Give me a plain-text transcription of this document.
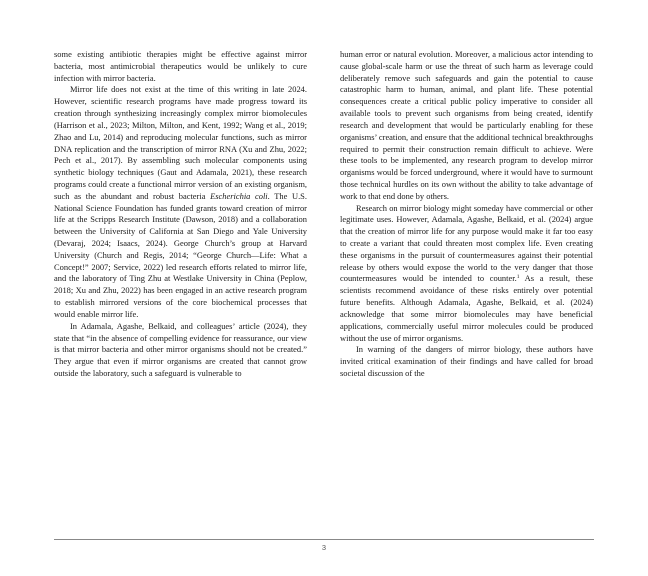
some existing antibiotic therapies might be effective against mirror bacteria, most antimicrobial therapeutics would be unlikely to cure infection with mirror bacteria.

Mirror life does not exist at the time of this writing in late 2024. However, scientific research programs have made progress toward its creation through synthesizing increasingly complex mirror biomolecules (Harrison et al., 2023; Milton, Milton, and Kent, 1992; Wang et al., 2019; Zhao and Lu, 2014) and reproducing molecular functions, such as mirror DNA replication and the transcription of mirror RNA (Xu and Zhu, 2022; Pech et al., 2017). By assembling such molecular components using synthetic biology techniques (Gaut and Adamala, 2021), these research programs could create a functional mirror version of an existing organism, such as the abundant and robust bacteria Escherichia coli. The U.S. National Science Foundation has funded grants toward creation of mirror life at the Scripps Research Institute (Dawson, 2018) and a collaboration between the University of California at San Diego and Yale University (Devaraj, 2024; Isaacs, 2024). George Church’s group at Harvard University (Church and Regis, 2014; “George Church—Life: What a Concept!” 2007; Service, 2022) led research efforts related to mirror life, and the laboratory of Ting Zhu at Westlake University in China (Peplow, 2018; Xu and Zhu, 2022) has been engaged in an active research program to establish mirrored versions of the core biochemical processes that would enable mirror life.

In Adamala, Agashe, Belkaid, and colleagues’ article (2024), they state that “in the absence of compelling evidence for reassurance, our view is that mirror bacteria and other mirror organisms should not be created.” They argue that even if mirror organisms are created that cannot grow outside the laboratory, such a safeguard is vulnerable to

human error or natural evolution. Moreover, a malicious actor intending to cause global-scale harm or use the threat of such harm as leverage could deliberately remove such safeguards and gain the potential to cause catastrophic harm to human, animal, and plant life. These potential consequences create a critical public policy imperative to consider all available tools to prevent such organisms from being created, identify research and development that would be particularly enabling for these organisms’ creation, and ensure that the additional technical breakthroughs required to permit their construction remain difficult to achieve. Were these tools to be implemented, any research program to develop mirror organisms would be forced underground, where it would have to surmount those technical hurdles on its own without the ability to take advantage of work to that end done by others.

Research on mirror biology might someday have commercial or other legitimate uses. However, Adamala, Agashe, Belkaid, et al. (2024) argue that the creation of mirror life for any purpose would make it far too easy to create a variant that could threaten most complex life. Even creating these organisms in the pursuit of countermeasures against their potential release by others would expose the world to the very danger that those countermeasures would be intended to counter.$^1$ As a result, these scientists recommend avoidance of these risks entirely over potential future benefits. Although Adamala, Agashe, Belkaid, et al. (2024) acknowledge that some mirror biomolecules may have beneficial applications, commercially useful mirror molecules could be produced without the use of mirror organisms.

In warning of the dangers of mirror biology, these authors have invited critical examination of their findings and have called for broad societal discussion of the

3
